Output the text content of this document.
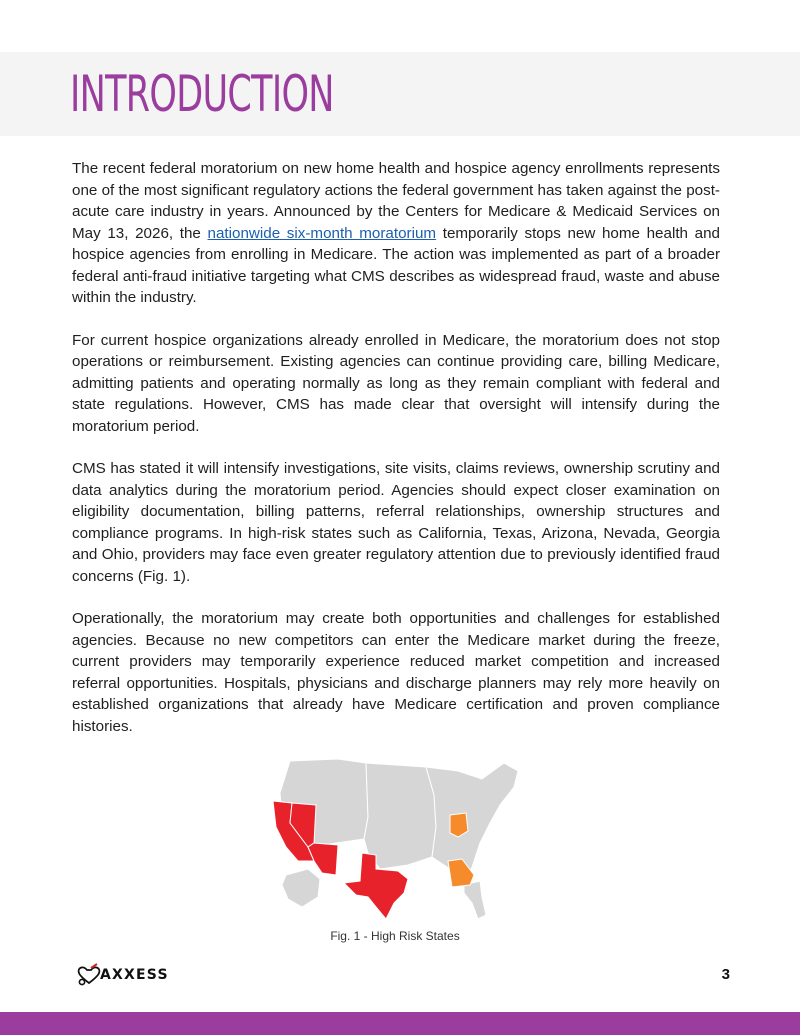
INTRODUCTION

The recent federal moratorium on new home health and hospice agency enrollments represents one of the most significant regulatory actions the federal government has taken against the post-acute care industry in years. Announced by the Centers for Medicare & Medicaid Services on May 13, 2026, the nationwide six-month moratorium temporarily stops new home health and hospice agencies from enrolling in Medicare. The action was implemented as part of a broader federal anti-fraud initiative targeting what CMS describes as widespread fraud, waste and abuse within the industry.

For current hospice organizations already enrolled in Medicare, the moratorium does not stop operations or reimbursement. Existing agencies can continue providing care, billing Medicare, admitting patients and operating normally as long as they remain compliant with federal and state regulations. However, CMS has made clear that oversight will intensify during the moratorium period.

CMS has stated it will intensify investigations, site visits, claims reviews, ownership scrutiny and data analytics during the moratorium period. Agencies should expect closer examination on eligibility documentation, billing patterns, referral relationships, ownership structures and compliance programs. In high-risk states such as California, Texas, Arizona, Nevada, Georgia and Ohio, providers may face even greater regulatory attention due to previously identified fraud concerns (Fig. 1).

Operationally, the moratorium may create both opportunities and challenges for established agencies. Because no new competitors can enter the Medicare market during the freeze, current providers may temporarily experience reduced market competition and increased referral opportunities. Hospitals, physicians and discharge planners may rely more heavily on established organizations that already have Medicare certification and proven compliance histories.

Fig. 1 - High Risk States
AXXESS	3
